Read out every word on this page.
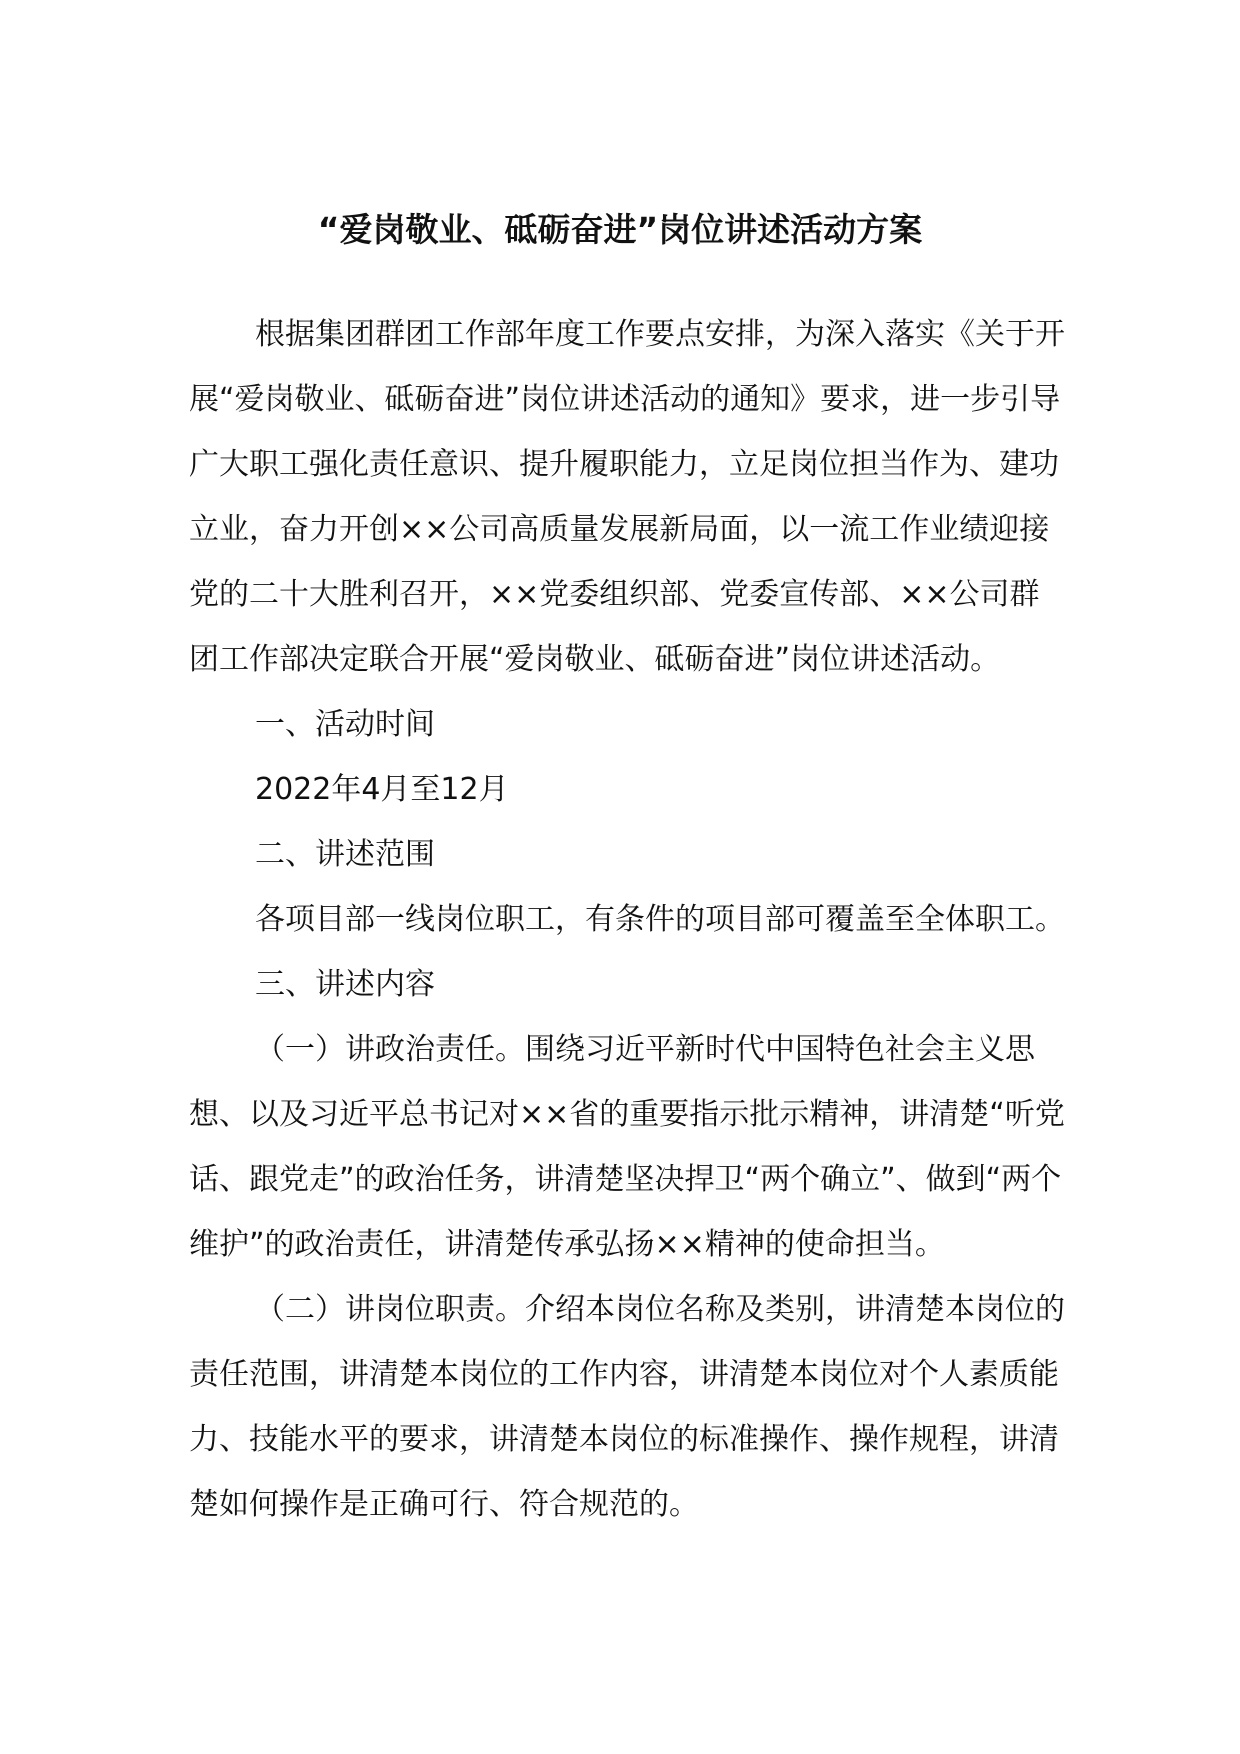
“爱岗敬业、砥砺奋进”岗位讲述活动方案

根据集团群团工作部年度工作要点安排，为深入落实《关于开展“爱岗敬业、砥砺奋进”岗位讲述活动的通知》要求，进一步引导广大职工强化责任意识、提升履职能力，立足岗位担当作为、建功立业，奋力开创××公司高质量发展新局面，以一流工作业绩迎接党的二十大胜利召开，××党委组织部、党委宣传部、××公司群团工作部决定联合开展“爱岗敬业、砥砺奋进”岗位讲述活动。

一、活动时间

2022年4月至12月

二、讲述范围

各项目部一线岗位职工，有条件的项目部可覆盖至全体职工。

三、讲述内容

（一）讲政治责任。围绕习近平新时代中国特色社会主义思想、以及习近平总书记对××省的重要指示批示精神，讲清楚“听党话、跟党走”的政治任务，讲清楚坚决捍卫“两个确立”、做到“两个维护”的政治责任，讲清楚传承弘扬××精神的使命担当。

（二）讲岗位职责。介绍本岗位名称及类别，讲清楚本岗位的责任范围，讲清楚本岗位的工作内容，讲清楚本岗位对个人素质能力、技能水平的要求，讲清楚本岗位的标准操作、操作规程，讲清楚如何操作是正确可行、符合规范的。
